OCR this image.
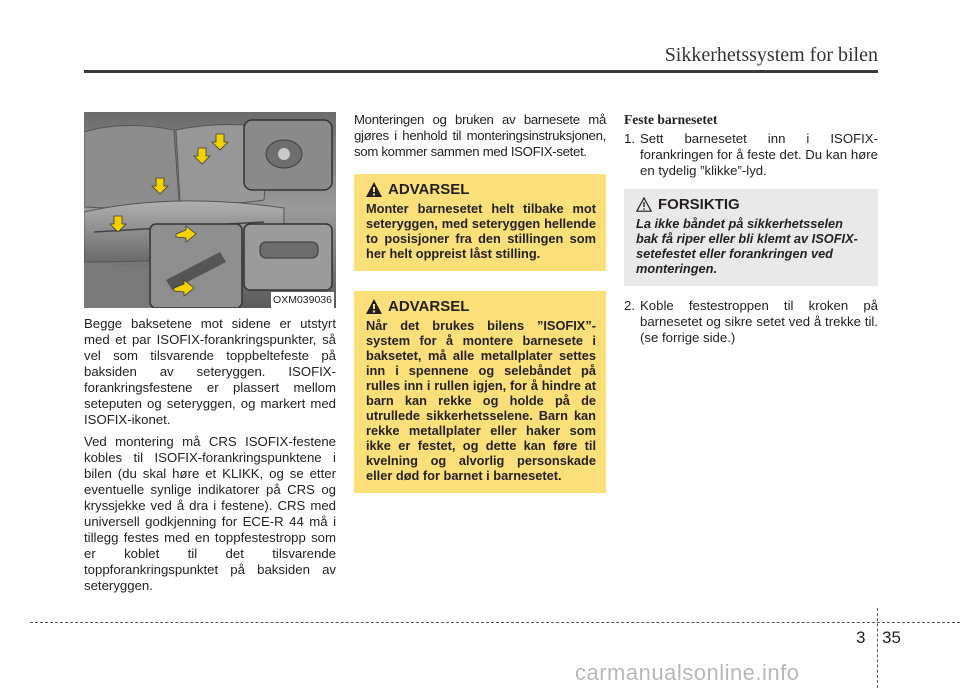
Sikkerhetssystem for bilen
OXM039036

Begge baksetene mot sidene er utstyrt med et par ISOFIX-forankringspunkter, så vel som tilsvarende toppbeltefeste på baksiden av seteryggen. ISOFIX-forankringsfestene er plassert mellom seteputen og seteryggen, og markert med ISOFIX-ikonet.

Ved montering må CRS ISOFIX-festene kobles til ISOFIX-forankringspunktene i bilen (du skal høre et KLIKK, og se etter eventuelle synlige indikatorer på CRS og kryssjekke ved å dra i festene). CRS med universell godkjenning for ECE-R 44 må i tillegg festes med en toppfestestropp som er koblet til det tilsvarende toppforankringspunktet på baksiden av seteryggen.

Monteringen og bruken av barnesete må gjøres i henhold til monteringsinstruksjonen, som kommer sammen med ISOFIX-setet.

ADVARSEL

Monter barnesetet helt tilbake mot seteryggen, med seteryggen hellende to posisjoner fra den stillingen som her helt oppreist låst stilling.

ADVARSEL

Når det brukes bilens ”ISOFIX”-system for å montere barnesete i baksetet, må alle metallplater settes inn i spennene og selebåndet på rulles inn i rullen igjen, for å hindre at barn kan rekke og holde på de utrullede sikkerhetsselene. Barn kan rekke metallplater eller haker som ikke er festet, og dette kan føre til kvelning og alvorlig personskade eller død for barnet i barnesetet.

Feste barnesetet
1. Sett barnesetet inn i ISOFIX-forankringen for å feste det. Du kan høre en tydelig ”klikke”-lyd.
FORSIKTIG

La ikke båndet på sikkerhetsselen bak få riper eller bli klemt av ISOFIX-setefestet eller forankringen ved monteringen.

2. Koble festestroppen til kroken på barnesetet og sikre setet ved å trekke til. (se forrige side.)
3 35
carmanualsonline.info
